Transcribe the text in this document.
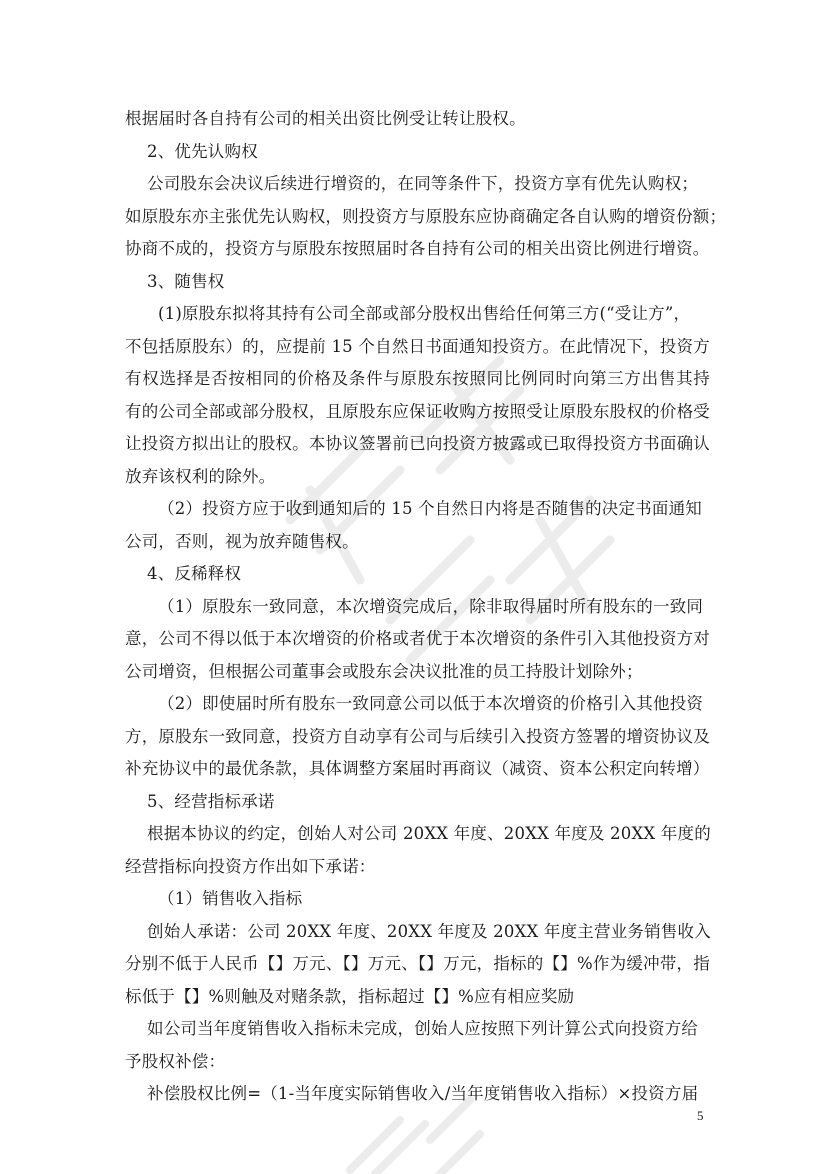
根据届时各自持有公司的相关出资比例受让转让股权。
2、优先认购权
公司股东会决议后续进行增资的，在同等条件下，投资方享有优先认购权；
如原股东亦主张优先认购权，则投资方与原股东应协商确定各自认购的增资份额；
协商不成的，投资方与原股东按照届时各自持有公司的相关出资比例进行增资。
3、随售权
(1)原股东拟将其持有公司全部或部分股权出售给任何第三方(“受让方”，
不包括原股东）的，应提前 15 个自然日书面通知投资方。在此情况下，投资方
有权选择是否按相同的价格及条件与原股东按照同比例同时向第三方出售其持
有的公司全部或部分股权，且原股东应保证收购方按照受让原股东股权的价格受
让投资方拟出让的股权。本协议签署前已向投资方披露或已取得投资方书面确认
放弃该权利的除外。
（2）投资方应于收到通知后的 15 个自然日内将是否随售的决定书面通知
公司，否则，视为放弃随售权。
4、反稀释权
（1）原股东一致同意，本次增资完成后，除非取得届时所有股东的一致同
意，公司不得以低于本次增资的价格或者优于本次增资的条件引入其他投资方对
公司增资，但根据公司董事会或股东会决议批准的员工持股计划除外；
（2）即使届时所有股东一致同意公司以低于本次增资的价格引入其他投资
方，原股东一致同意，投资方自动享有公司与后续引入投资方签署的增资协议及
补充协议中的最优条款，具体调整方案届时再商议（减资、资本公积定向转增）
5、经营指标承诺
根据本协议的约定，创始人对公司 20XX 年度、20XX 年度及 20XX 年度的
经营指标向投资方作出如下承诺：
（1）销售收入指标
创始人承诺：公司 20XX 年度、20XX 年度及 20XX 年度主营业务销售收入
分别不低于人民币【】万元、【】万元、【】万元，指标的【】%作为缓冲带，指
标低于【】%则触及对赌条款，指标超过【】%应有相应奖励
如公司当年度销售收入指标未完成，创始人应按照下列计算公式向投资方给
予股权补偿：
补偿股权比例=（1-当年度实际销售收入/当年度销售收入指标）×投资方届
5
